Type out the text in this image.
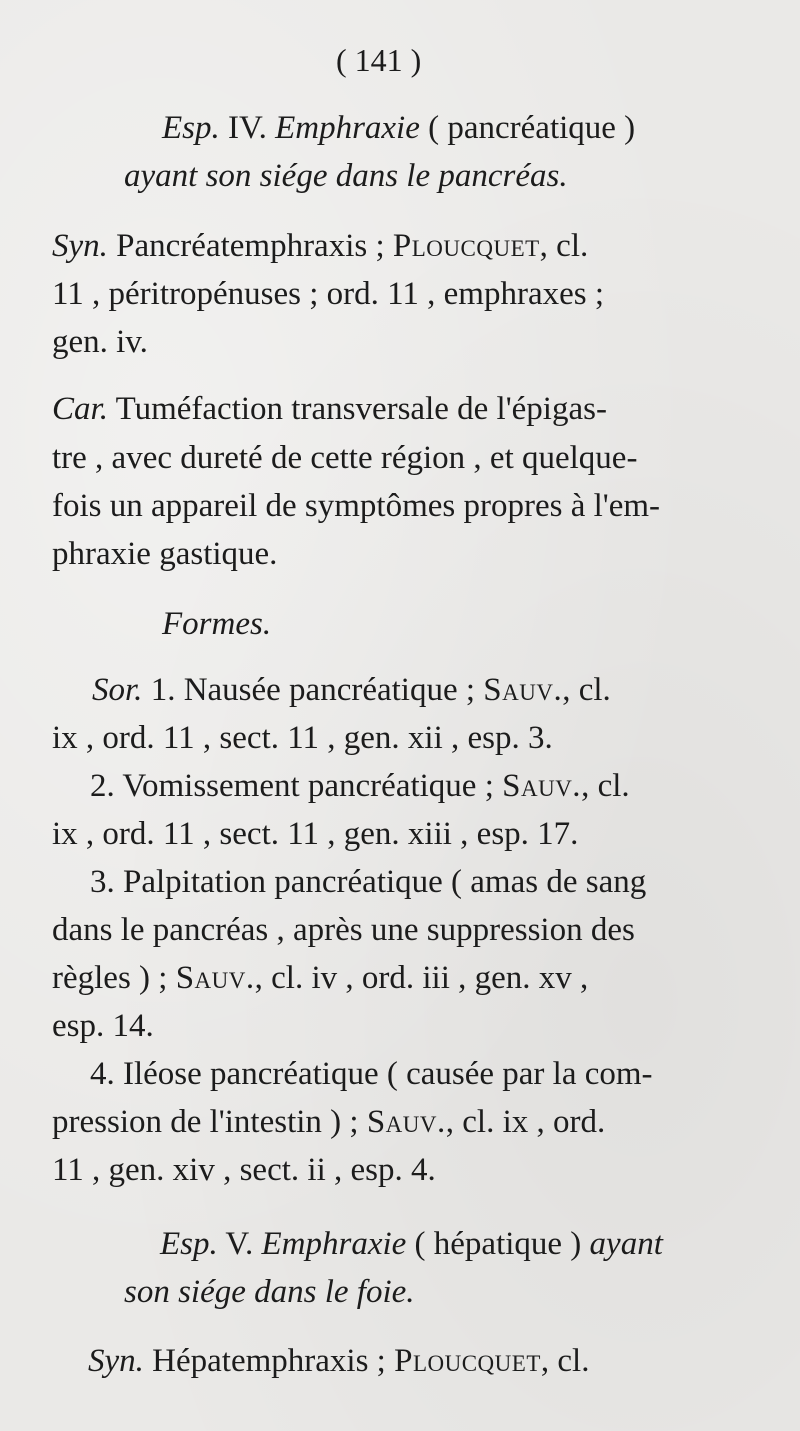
( 141 )
Esp. IV. Emphraxie ( pancréatique )
ayant son siége dans le pancréas.
Syn. Pancréatemphraxis ; Ploucquet, cl.
11 , péritropénuses ; ord. 11 , emphraxes ;
gen. iv.
Car. Tuméfaction transversale de l'épigas-
tre , avec dureté de cette région , et quelque-
fois un appareil de symptômes propres à l'em-
phraxie gastique.
Formes.
Sor. 1. Nausée pancréatique ; Sauv., cl.
ix , ord. 11 , sect. 11 , gen. xii , esp. 3.
2. Vomissement pancréatique ; Sauv., cl.
ix , ord. 11 , sect. 11 , gen. xiii , esp. 17.
3. Palpitation pancréatique ( amas de sang
dans le pancréas , après une suppression des
règles ) ; Sauv., cl. iv , ord. iii , gen. xv ,
esp. 14.
4. Iléose pancréatique ( causée par la com-
pression de l'intestin ) ; Sauv., cl. ix , ord.
11 , gen. xiv , sect. ii , esp. 4.
Esp. V. Emphraxie ( hépatique ) ayant
son siége dans le foie.
Syn. Hépatemphraxis ; Ploucquet, cl.
